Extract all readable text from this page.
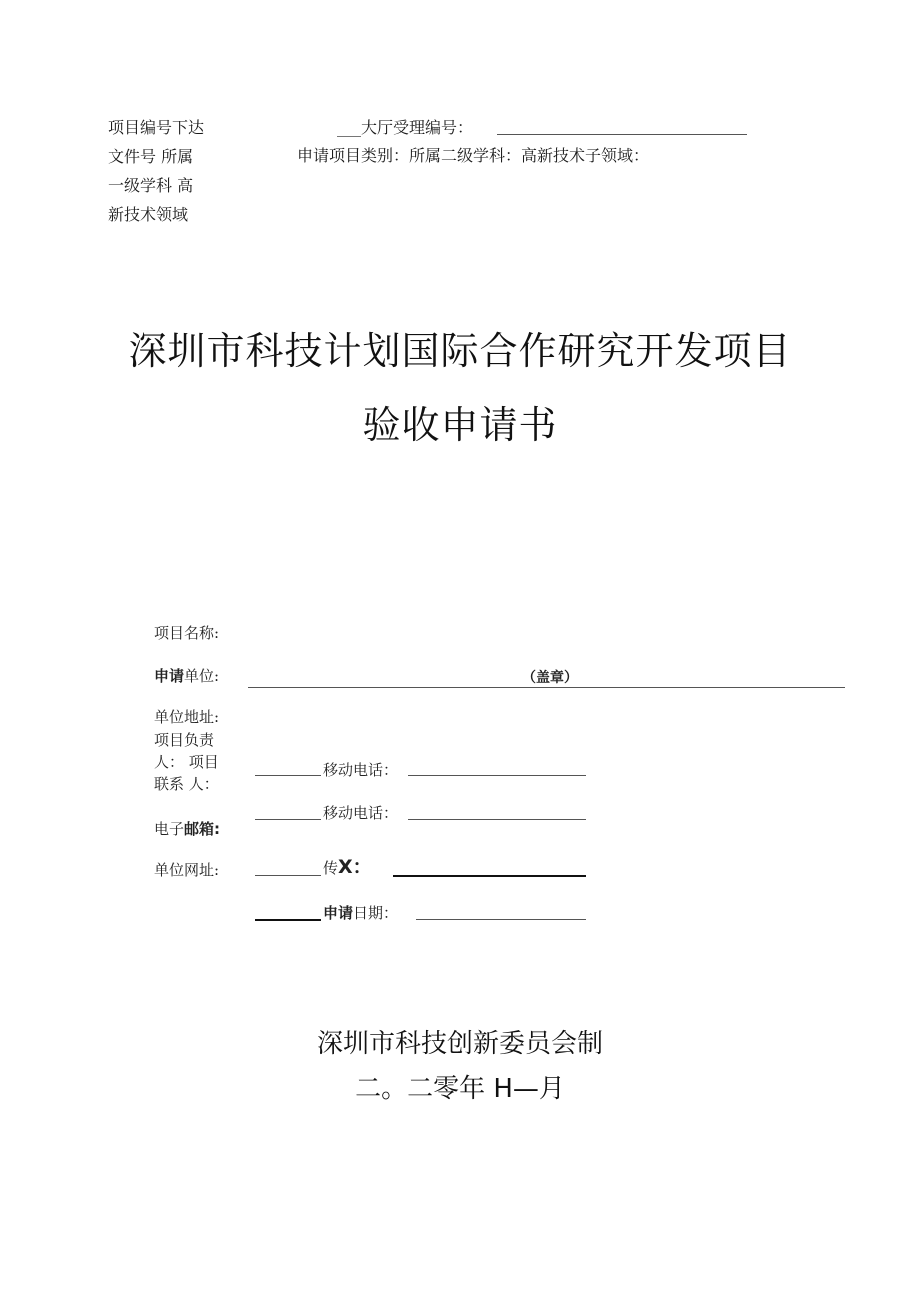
项目编号下达
文件号 所属
一级学科 高
新技术领域
___大厅受理编号：
申请项目类别：所属二级学科：高新技术子领域：
深圳市科技计划国际合作研究开发项目
验收申请书
项目名称:
申请单位:	（盖章）
单位地址:
项目负责
人： 项目
联系 人：
移动电话：
移动电话：
电子邮箱:
单位网址:	传X：
申请日期：
深圳市科技创新委员会制
二。二零年 H—月
